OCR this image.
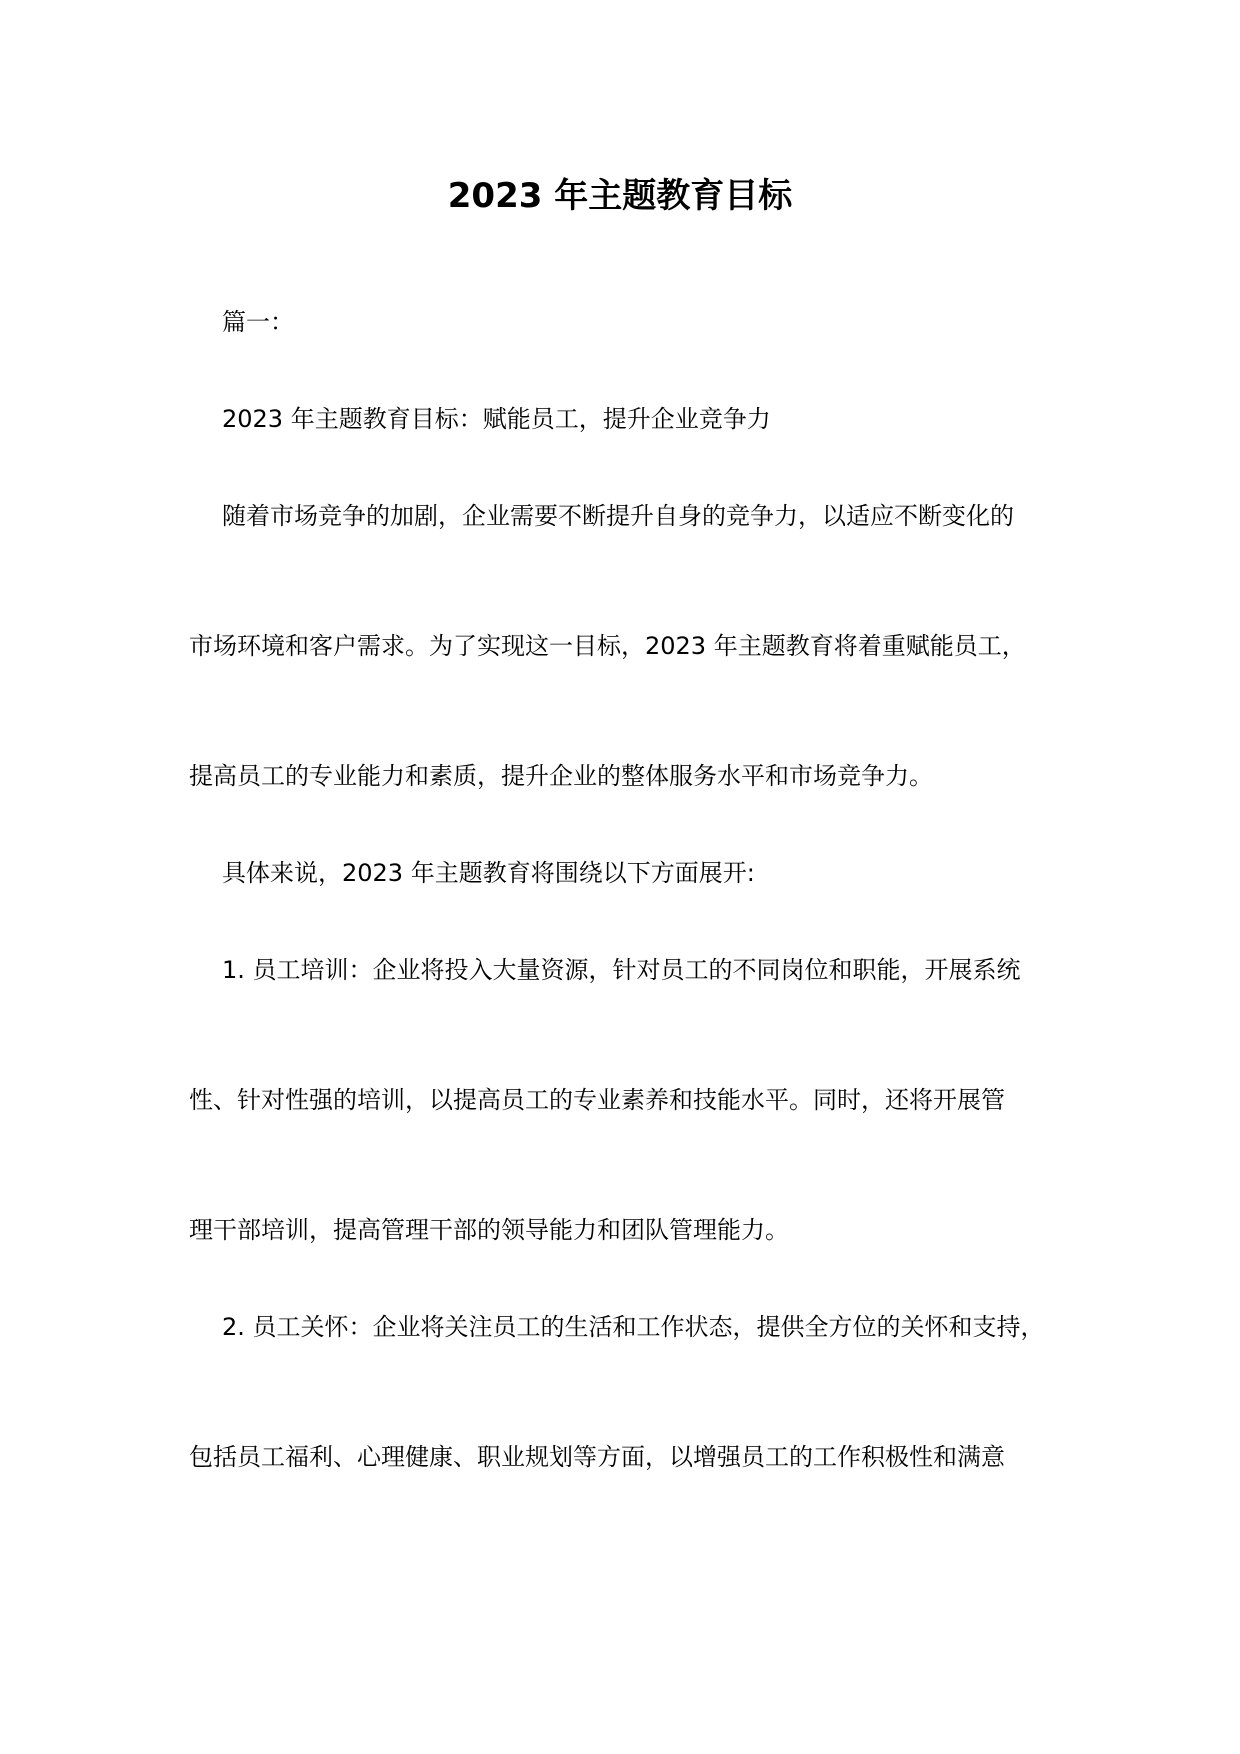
2023 年主题教育目标
篇一：
2023 年主题教育目标：赋能员工，提升企业竞争力
随着市场竞争的加剧，企业需要不断提升自身的竞争力，以适应不断变化的
市场环境和客户需求。为了实现这一目标，2023 年主题教育将着重赋能员工，
提高员工的专业能力和素质，提升企业的整体服务水平和市场竞争力。
具体来说，2023 年主题教育将围绕以下方面展开:
1. 员工培训：企业将投入大量资源，针对员工的不同岗位和职能，开展系统
性、针对性强的培训，以提高员工的专业素养和技能水平。同时，还将开展管
理干部培训，提高管理干部的领导能力和团队管理能力。
2. 员工关怀：企业将关注员工的生活和工作状态，提供全方位的关怀和支持，
包括员工福利、心理健康、职业规划等方面，以增强员工的工作积极性和满意
